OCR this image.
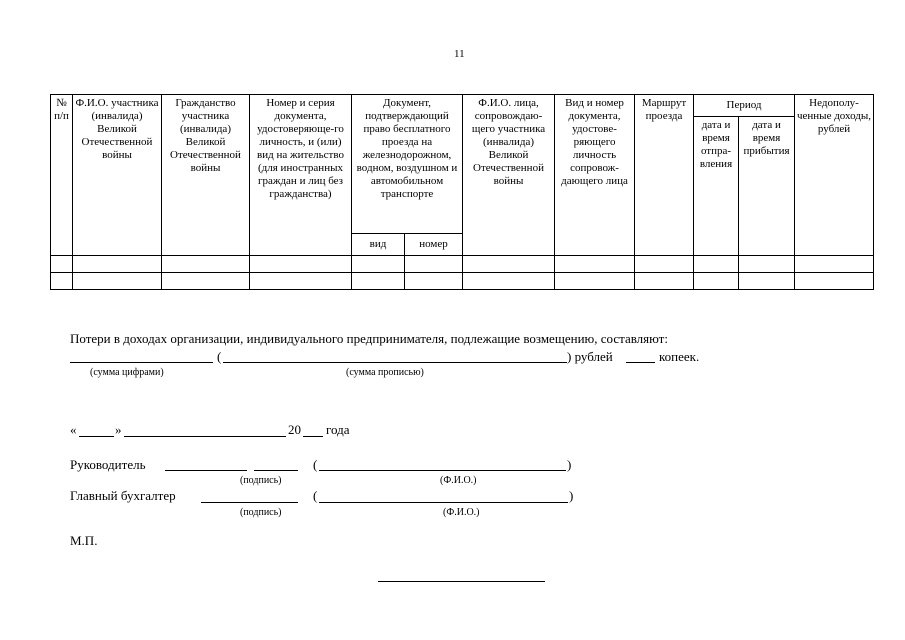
11
№ п/п	Ф.И.О. участника (инвалида) Великой Отечественной войны	Гражданство участника (инвалида) Великой Отечественной войны	Номер и серия документа, удостоверяюще-го личность, и (или) вид на жительство (для иностранных граждан и лиц без гражданства)	Документ, подтверждающий право бесплатного проезда на железнодорожном, водном, воздушном и автомобильном транспорте		Ф.И.О. лица, сопровождаю-щего участника (инвалида) Великой Отечественной войны	Вид и номер документа, удостове-ряющего личность сопровож-дающего лица	Маршрут проезда	Период		Недополу-ченные доходы, рублей
									дата и время отпра-вления	дата и время прибытия	
				вид	номер						

Потери в доходах организации, индивидуального предпринимателя, подлежащие возмещению, составляют:
(	) рублей	копеек.
(сумма цифрами)	(сумма прописью)
«	»	20 года
Руководитель	(	)
(подпись)	(Ф.И.О.)
Главный бухгалтер	(	)
(подпись)	(Ф.И.О.)
М.П.
